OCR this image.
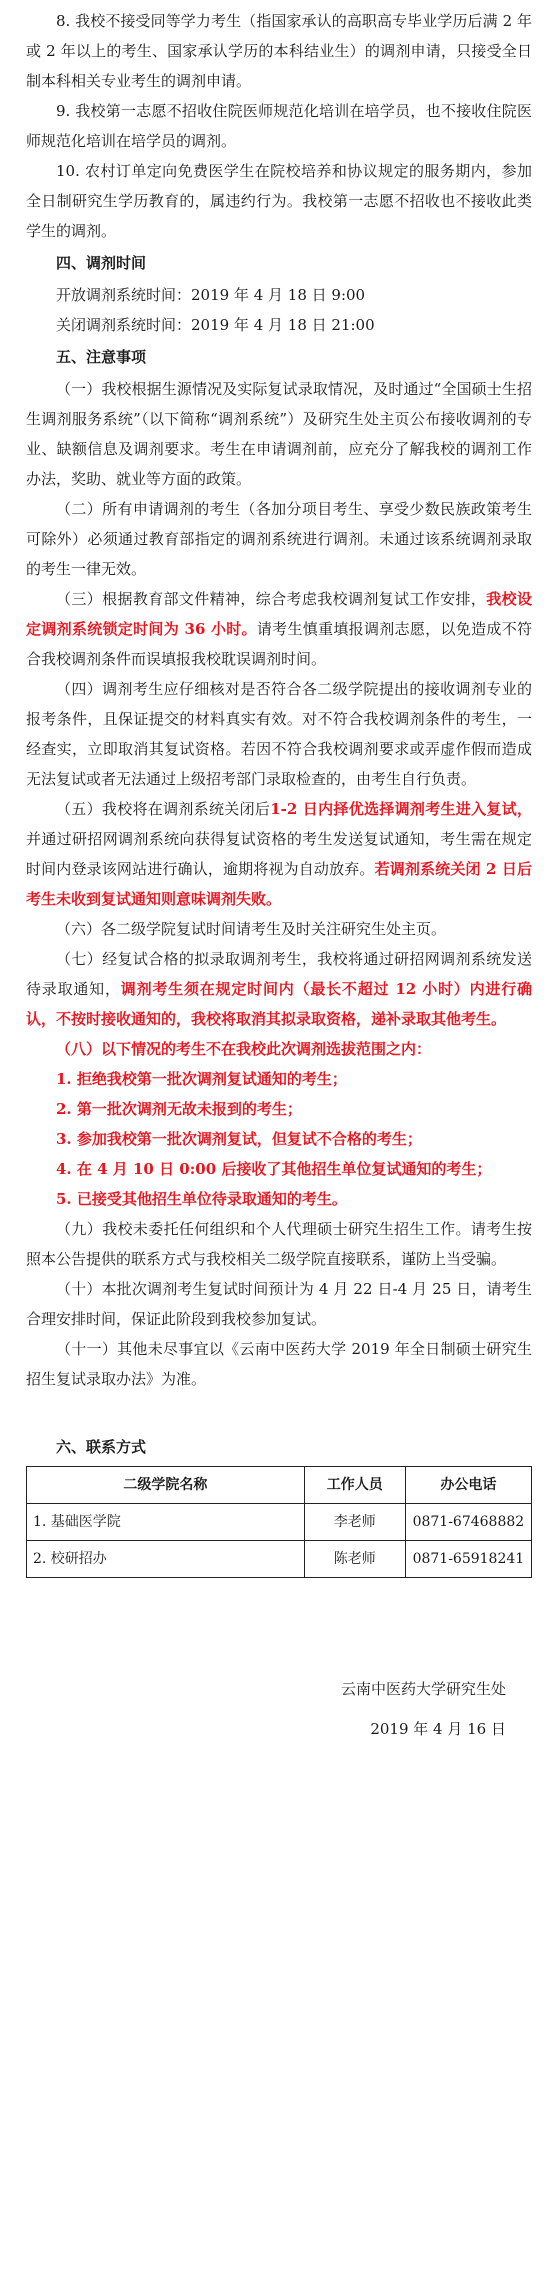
8. 我校不接受同等学力考生（指国家承认的高职高专毕业学历后满 2 年或 2 年以上的考生、国家承认学历的本科结业生）的调剂申请，只接受全日制本科相关专业考生的调剂申请。

9. 我校第一志愿不招收住院医师规范化培训在培学员，也不接收住院医师规范化培训在培学员的调剂。

10. 农村订单定向免费医学生在院校培养和协议规定的服务期内，参加全日制研究生学历教育的，属违约行为。我校第一志愿不招收也不接收此类学生的调剂。

四、调剂时间

开放调剂系统时间：2019 年 4 月 18 日 9:00

关闭调剂系统时间：2019 年 4 月 18 日 21:00

五、注意事项

（一）我校根据生源情况及实际复试录取情况，及时通过“全国硕士生招生调剂服务系统”（以下简称“调剂系统”）及研究生处主页公布接收调剂的专业、缺额信息及调剂要求。考生在申请调剂前，应充分了解我校的调剂工作办法，奖助、就业等方面的政策。

（二）所有申请调剂的考生（各加分项目考生、享受少数民族政策考生可除外）必须通过教育部指定的调剂系统进行调剂。未通过该系统调剂录取的考生一律无效。

（三）根据教育部文件精神，综合考虑我校调剂复试工作安排，我校设定调剂系统锁定时间为 36 小时。请考生慎重填报调剂志愿，以免造成不符合我校调剂条件而误填报我校耽误调剂时间。

（四）调剂考生应仔细核对是否符合各二级学院提出的接收调剂专业的报考条件，且保证提交的材料真实有效。对不符合我校调剂条件的考生，一经查实，立即取消其复试资格。若因不符合我校调剂要求或弄虚作假而造成无法复试或者无法通过上级招考部门录取检查的，由考生自行负责。

（五）我校将在调剂系统关闭后1-2 日内择优选择调剂考生进入复试，并通过研招网调剂系统向获得复试资格的考生发送复试通知，考生需在规定时间内登录该网站进行确认，逾期将视为自动放弃。若调剂系统关闭 2 日后考生未收到复试通知则意味调剂失败。

（六）各二级学院复试时间请考生及时关注研究生处主页。

（七）经复试合格的拟录取调剂考生，我校将通过研招网调剂系统发送待录取通知，调剂考生须在规定时间内（最长不超过 12 小时）内进行确认，不按时接收通知的，我校将取消其拟录取资格，递补录取其他考生。

（八）以下情况的考生不在我校此次调剂选拔范围之内：

1. 拒绝我校第一批次调剂复试通知的考生；

2. 第一批次调剂无故未报到的考生；

3. 参加我校第一批次调剂复试，但复试不合格的考生；

4. 在 4 月 10 日 0:00 后接收了其他招生单位复试通知的考生；

5. 已接受其他招生单位待录取通知的考生。

（九）我校未委托任何组织和个人代理硕士研究生招生工作。请考生按照本公告提供的联系方式与我校相关二级学院直接联系，谨防上当受骗。

（十）本批次调剂考生复试时间预计为 4 月 22 日-4 月 25 日，请考生合理安排时间，保证此阶段到我校参加复试。

（十一）其他未尽事宜以《云南中医药大学 2019 年全日制硕士研究生招生复试录取办法》为准。

六、联系方式
二级学院名称	工作人员	办公电话
1. 基础医学院	李老师	0871-67468882
2. 校研招办	陈老师	0871-65918241

云南中医药大学研究生处

2019 年 4 月 16 日
